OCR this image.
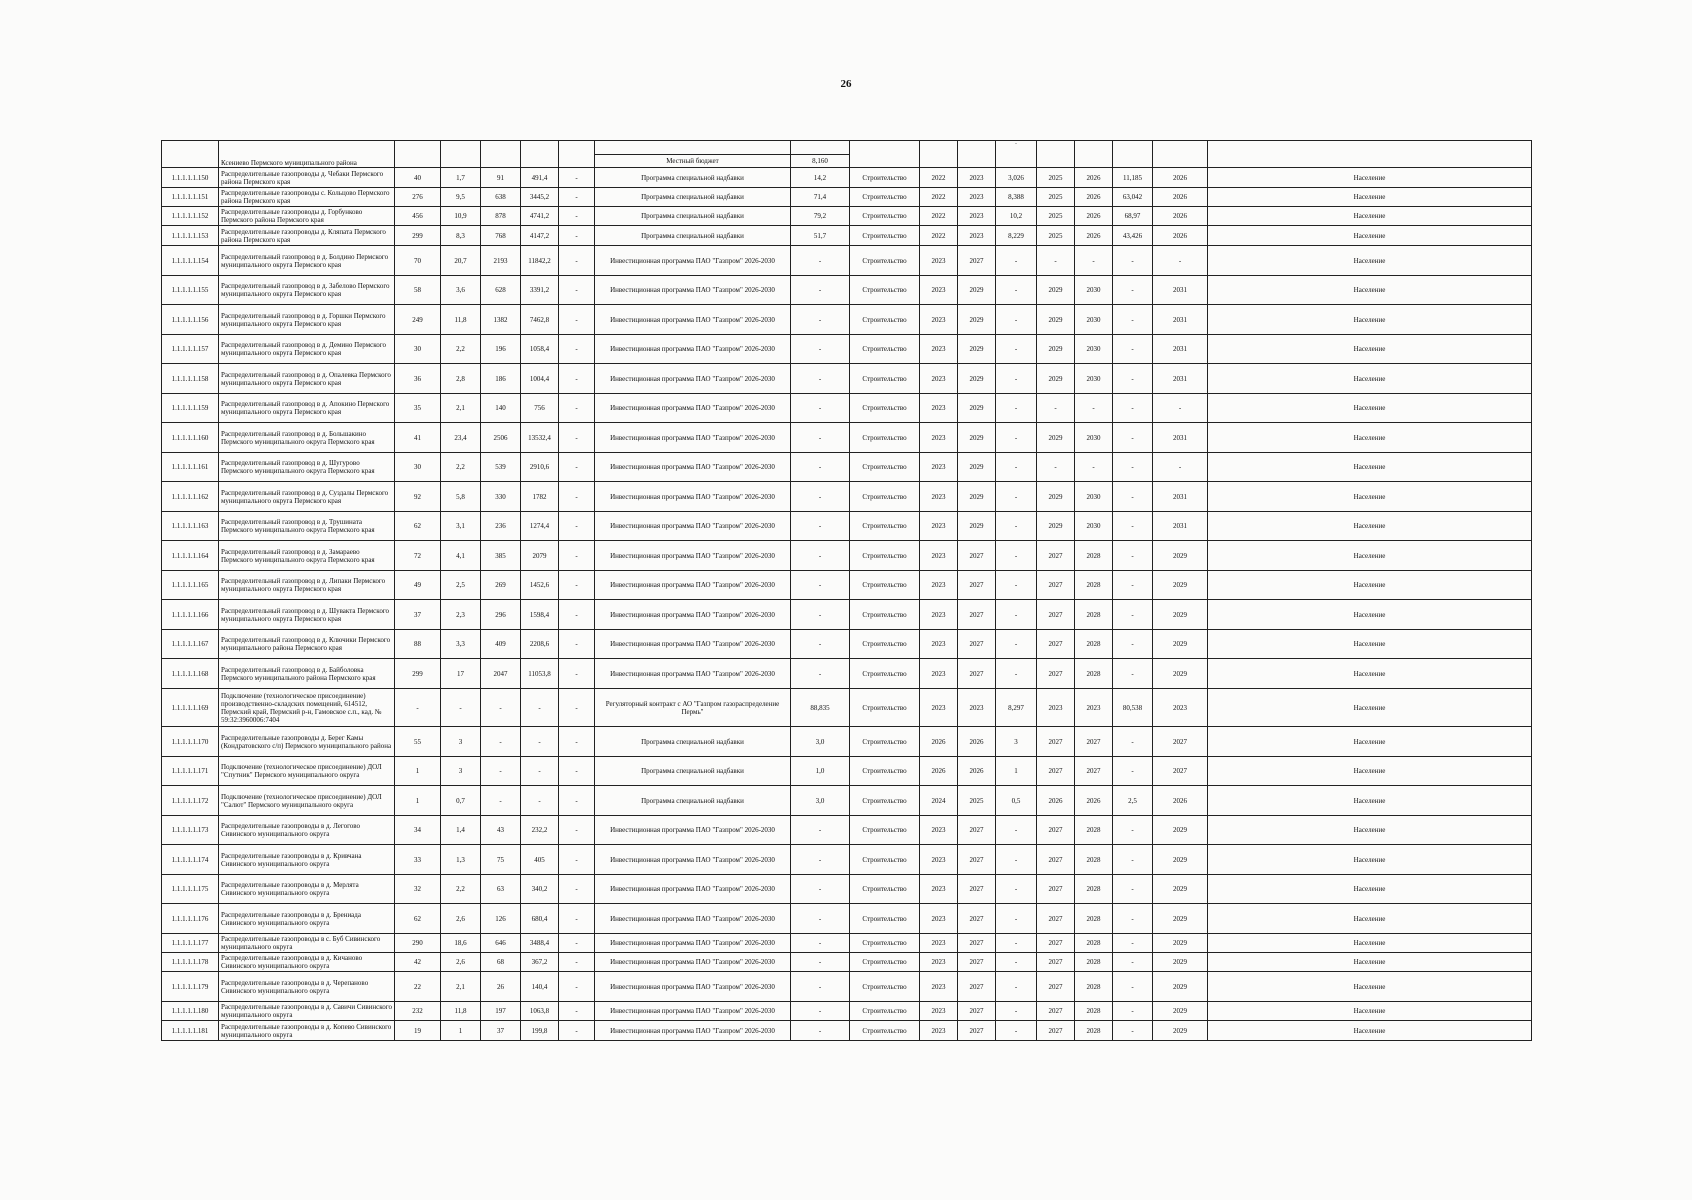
26
	Ксениево Пермского муниципального района						Местный бюджет	8,160				-					
1.1.1.1.1.150	Распределительные газопроводы д. Чебаки Пермского района Пермского края	40	1,7	91	491,4	-	Программа специальной надбавки	14,2	Строительство	2022	2023	3,026	2025	2026	11,185	2026	Население
1.1.1.1.1.151	Распределительные газопроводы с. Кольцово Пермского района Пермского края	276	9,5	638	3445,2	-	Программа специальной надбавки	71,4	Строительство	2022	2023	8,388	2025	2026	63,042	2026	Население
1.1.1.1.1.152	Распределительные газопроводы д. Горбунково Пермского района Пермского края	456	10,9	878	4741,2	-	Программа специальной надбавки	79,2	Строительство	2022	2023	10,2	2025	2026	68,97	2026	Население
1.1.1.1.1.153	Распределительные газопроводы д. Кляпата Пермского района Пермского края	299	8,3	768	4147,2	-	Программа специальной надбавки	51,7	Строительство	2022	2023	8,229	2025	2026	43,426	2026	Население
1.1.1.1.1.154	Распределительный газопровод в д. Болдино Пермского муниципального округа Пермского края	70	20,7	2193	11842,2	-	Инвестиционная программа ПАО "Газпром" 2026-2030	-	Строительство	2023	2027	-	-	-	-	-	Население
1.1.1.1.1.155	Распределительный газопровод в д. Забелово Пермского муниципального округа Пермского края	58	3,6	628	3391,2	-	Инвестиционная программа ПАО "Газпром" 2026-2030	-	Строительство	2023	2029	-	2029	2030	-	2031	Население
1.1.1.1.1.156	Распределительный газопровод в д. Горшки Пермского муниципального округа Пермского края	249	11,8	1382	7462,8	-	Инвестиционная программа ПАО "Газпром" 2026-2030	-	Строительство	2023	2029	-	2029	2030	-	2031	Население
1.1.1.1.1.157	Распределительный газопровод в д. Демино Пермского муниципального округа Пермского края	30	2,2	196	1058,4	-	Инвестиционная программа ПАО "Газпром" 2026-2030	-	Строительство	2023	2029	-	2029	2030	-	2031	Население
1.1.1.1.1.158	Распределительный газопровод в д. Опалевка Пермского муниципального округа Пермского края	36	2,8	186	1004,4	-	Инвестиционная программа ПАО "Газпром" 2026-2030	-	Строительство	2023	2029	-	2029	2030	-	2031	Население
1.1.1.1.1.159	Распределительный газопровод в д. Апокино Пермского муниципального округа Пермского края	35	2,1	140	756	-	Инвестиционная программа ПАО "Газпром" 2026-2030	-	Строительство	2023	2029	-	-	-	-	-	Население
1.1.1.1.1.160	Распределительный газопровод в д. Большакино Пермского муниципального округа Пермского края	41	23,4	2506	13532,4	-	Инвестиционная программа ПАО "Газпром" 2026-2030	-	Строительство	2023	2029	-	2029	2030	-	2031	Население
1.1.1.1.1.161	Распределительный газопровод в д. Шугурово Пермского муниципального округа Пермского края	30	2,2	539	2910,6	-	Инвестиционная программа ПАО "Газпром" 2026-2030	-	Строительство	2023	2029	-	-	-	-	-	Население
1.1.1.1.1.162	Распределительный газопровод в д. Суздалы Пермского муниципального округа Пермского края	92	5,8	330	1782	-	Инвестиционная программа ПАО "Газпром" 2026-2030	-	Строительство	2023	2029	-	2029	2030	-	2031	Население
1.1.1.1.1.163	Распределительный газопровод в д. Трушината Пермского муниципального округа Пермского края	62	3,1	236	1274,4	-	Инвестиционная программа ПАО "Газпром" 2026-2030	-	Строительство	2023	2029	-	2029	2030	-	2031	Население
1.1.1.1.1.164	Распределительный газопровод в д. Замараево Пермского муниципального округа Пермского края	72	4,1	385	2079	-	Инвестиционная программа ПАО "Газпром" 2026-2030	-	Строительство	2023	2027	-	2027	2028	-	2029	Население
1.1.1.1.1.165	Распределительный газопровод в д. Липаки Пермского муниципального округа Пермского края	49	2,5	269	1452,6	-	Инвестиционная программа ПАО "Газпром" 2026-2030	-	Строительство	2023	2027	-	2027	2028	-	2029	Население
1.1.1.1.1.166	Распределительный газопровод в д. Шувакта Пермского муниципального округа Пермского края	37	2,3	296	1598,4	-	Инвестиционная программа ПАО "Газпром" 2026-2030	-	Строительство	2023	2027	-	2027	2028	-	2029	Население
1.1.1.1.1.167	Распределительный газопровод в д. Ключики Пермского муниципального района Пермского края	88	3,3	409	2208,6	-	Инвестиционная программа ПАО "Газпром" 2026-2030	-	Строительство	2023	2027	-	2027	2028	-	2029	Население
1.1.1.1.1.168	Распределительный газопровод в д. Байболовка Пермского муниципального района Пермского края	299	17	2047	11053,8	-	Инвестиционная программа ПАО "Газпром" 2026-2030	-	Строительство	2023	2027	-	2027	2028	-	2029	Население
1.1.1.1.1.169	Подключение (технологическое присоединение) производственно-складских помещений, 614512, Пермский край, Пермский р-н, Гамовское с.п., кад. № 59:32:3960006:7404	-	-	-	-	-	Регуляторный контракт с АО "Газпром газораспределение Пермь"	88,835	Строительство	2023	2023	8,297	2023	2023	80,538	2023	Население
1.1.1.1.1.170	Распределительные газопроводы д. Берег Камы (Кондратовского с/п) Пермского муниципального района	55	3	-	-	-	Программа специальной надбавки	3,0	Строительство	2026	2026	3	2027	2027	-	2027	Население
1.1.1.1.1.171	Подключение (технологическое присоединение) ДОЛ "Спутник" Пермского муниципального округа	1	3	-	-	-	Программа специальной надбавки	1,0	Строительство	2026	2026	1	2027	2027	-	2027	Население
1.1.1.1.1.172	Подключение (технологическое присоединение) ДОЛ "Салют" Пермского муниципального округа	1	0,7	-	-	-	Программа специальной надбавки	3,0	Строительство	2024	2025	0,5	2026	2026	2,5	2026	Население
1.1.1.1.1.173	Распределительные газопроводы в д. Легогово Сивинского муниципального округа	34	1,4	43	232,2	-	Инвестиционная программа ПАО "Газпром" 2026-2030	-	Строительство	2023	2027	-	2027	2028	-	2029	Население
1.1.1.1.1.174	Распределительные газопроводы в д. Кривчана Сивинского муниципального округа	33	1,3	75	405	-	Инвестиционная программа ПАО "Газпром" 2026-2030	-	Строительство	2023	2027	-	2027	2028	-	2029	Население
1.1.1.1.1.175	Распределительные газопроводы в д. Мерлята Сивинского муниципального округа	32	2,2	63	340,2	-	Инвестиционная программа ПАО "Газпром" 2026-2030	-	Строительство	2023	2027	-	2027	2028	-	2029	Население
1.1.1.1.1.176	Распределительные газопроводы в д. Брениада Сивинского муниципального округа	62	2,6	126	680,4	-	Инвестиционная программа ПАО "Газпром" 2026-2030	-	Строительство	2023	2027	-	2027	2028	-	2029	Население
1.1.1.1.1.177	Распределительные газопроводы в с. Буб Сивинского муниципального округа	290	18,6	646	3488,4	-	Инвестиционная программа ПАО "Газпром" 2026-2030	-	Строительство	2023	2027	-	2027	2028	-	2029	Население
1.1.1.1.1.178	Распределительные газопроводы в д. Кичаново Сивинского муниципального округа	42	2,6	68	367,2	-	Инвестиционная программа ПАО "Газпром" 2026-2030	-	Строительство	2023	2027	-	2027	2028	-	2029	Население
1.1.1.1.1.179	Распределительные газопроводы в д. Черепаново Сивинского муниципального округа	22	2,1	26	140,4	-	Инвестиционная программа ПАО "Газпром" 2026-2030	-	Строительство	2023	2027	-	2027	2028	-	2029	Население
1.1.1.1.1.180	Распределительные газопроводы в д. Савичи Сивинского муниципального округа	232	11,8	197	1063,8	-	Инвестиционная программа ПАО "Газпром" 2026-2030	-	Строительство	2023	2027	-	2027	2028	-	2029	Население
1.1.1.1.1.181	Распределительные газопроводы в д. Копево Сивинского муниципального округа	19	1	37	199,8	-	Инвестиционная программа ПАО "Газпром" 2026-2030	-	Строительство	2023	2027	-	2027	2028	-	2029	Население
